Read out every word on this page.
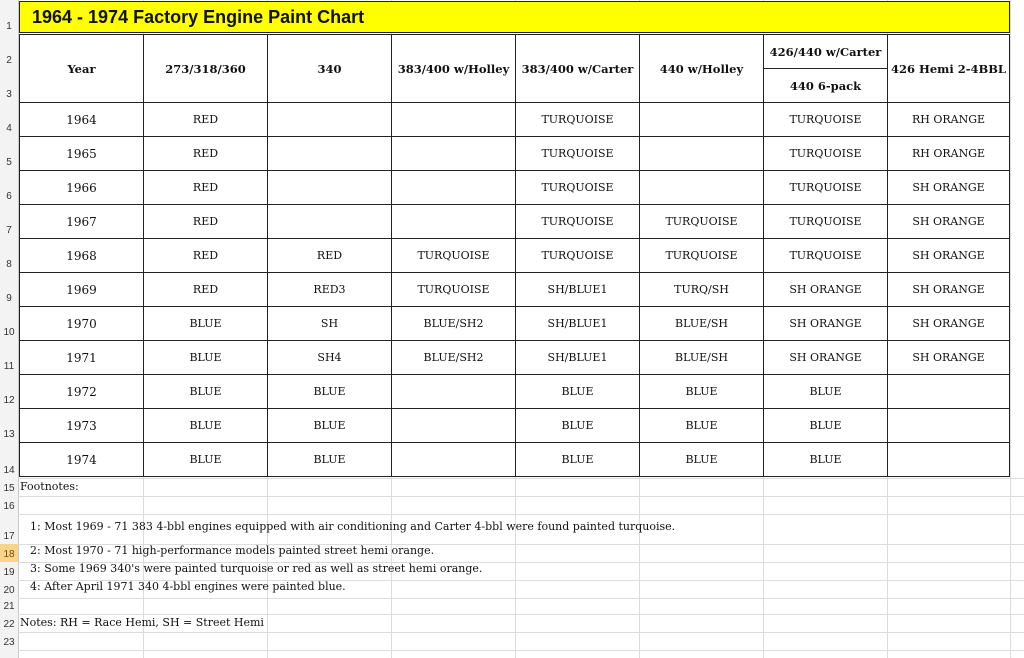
1
2
3
4
5
6
7
8
9
10
11
12
13
14
15
16
17
18
19
20
21
22
23
1964 - 1974 Factory Engine Paint Chart
Year	273/318/360	340	383/400 w/Holley	383/400 w/Carter	440 w/Holley	426/440 w/Carter	426 Hemi 2-4BBL
						440 6-pack	
1964	RED			TURQUOISE		TURQUOISE	RH ORANGE
1965	RED			TURQUOISE		TURQUOISE	RH ORANGE
1966	RED			TURQUOISE		TURQUOISE	SH ORANGE
1967	RED			TURQUOISE	TURQUOISE	TURQUOISE	SH ORANGE
1968	RED	RED	TURQUOISE	TURQUOISE	TURQUOISE	TURQUOISE	SH ORANGE
1969	RED	RED3	TURQUOISE	SH/BLUE1	TURQ/SH	SH ORANGE	SH ORANGE
1970	BLUE	SH	BLUE/SH2	SH/BLUE1	BLUE/SH	SH ORANGE	SH ORANGE
1971	BLUE	SH4	BLUE/SH2	SH/BLUE1	BLUE/SH	SH ORANGE	SH ORANGE
1972	BLUE	BLUE		BLUE	BLUE	BLUE	
1973	BLUE	BLUE		BLUE	BLUE	BLUE	
1974	BLUE	BLUE		BLUE	BLUE	BLUE	
Footnotes:
1: Most 1969 - 71 383 4-bbl engines equipped with air conditioning and Carter 4-bbl were found painted turquoise.
2: Most 1970 - 71 high-performance models painted street hemi orange.
3: Some 1969 340's were painted turquoise or red as well as street hemi orange.
4: After April 1971 340 4-bbl engines were painted blue.
Notes: RH = Race Hemi, SH = Street Hemi
